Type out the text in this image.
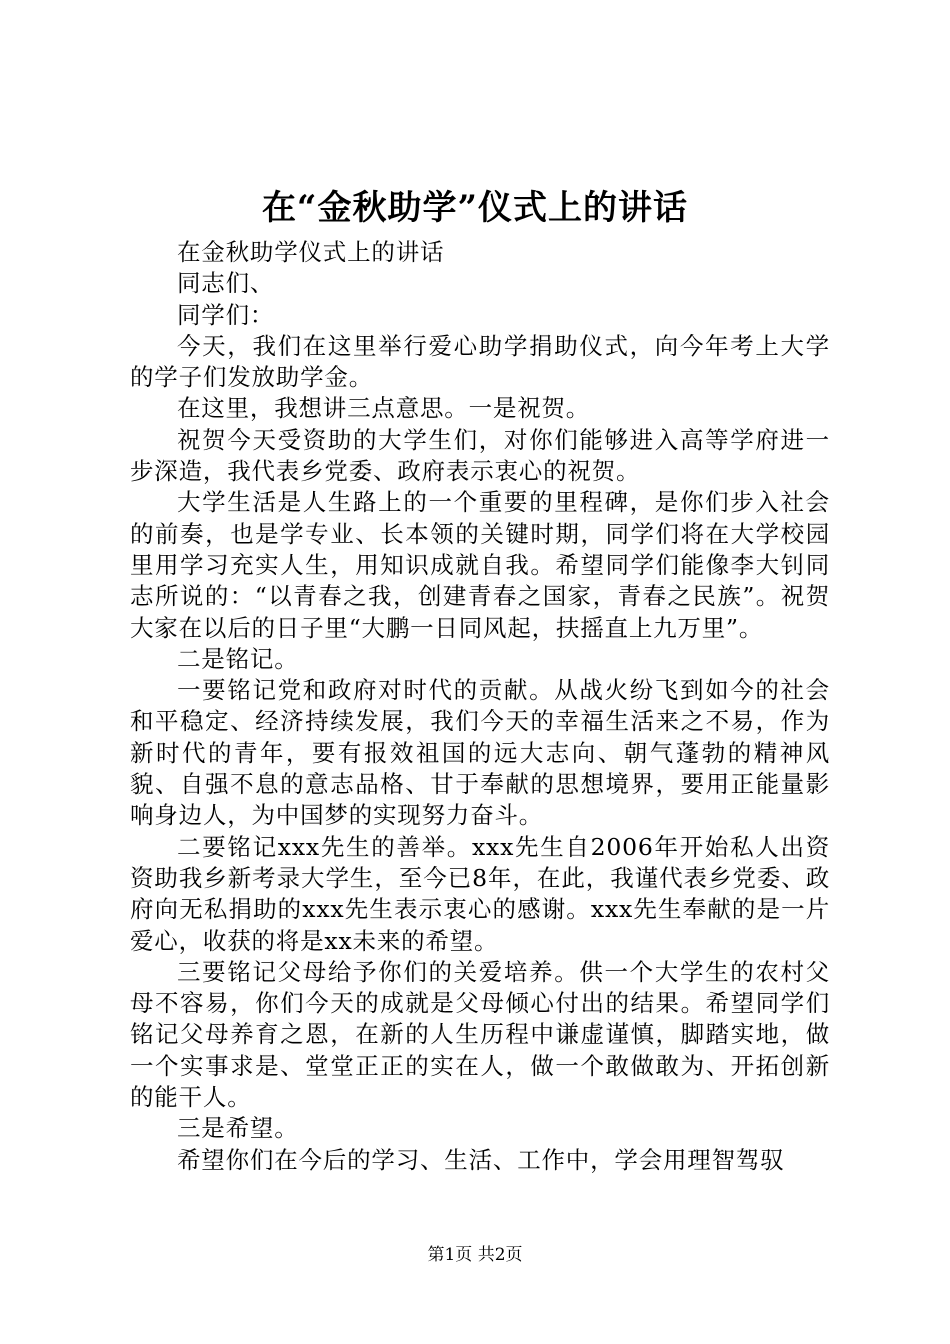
在“金秋助学”仪式上的讲话

在金秋助学仪式上的讲话

同志们、

同学们：

今天，我们在这里举行爱心助学捐助仪式，向今年考上大学的学子们发放助学金。

在这里，我想讲三点意思。一是祝贺。

祝贺今天受资助的大学生们，对你们能够进入高等学府进一步深造，我代表乡党委、政府表示衷心的祝贺。

大学生活是人生路上的一个重要的里程碑，是你们步入社会的前奏，也是学专业、长本领的关键时期，同学们将在大学校园里用学习充实人生，用知识成就自我。希望同学们能像李大钊同志所说的：“以青春之我，创建青春之国家，青春之民族”。祝贺大家在以后的日子里“大鹏一日同风起，扶摇直上九万里”。

二是铭记。

一要铭记党和政府对时代的贡献。从战火纷飞到如今的社会和平稳定、经济持续发展，我们今天的幸福生活来之不易，作为新时代的青年，要有报效祖国的远大志向、朝气蓬勃的精神风貌、自强不息的意志品格、甘于奉献的思想境界，要用正能量影响身边人，为中国梦的实现努力奋斗。

二要铭记xxx先生的善举。xxx先生自2006年开始私人出资资助我乡新考录大学生，至今已8年，在此，我谨代表乡党委、政府向无私捐助的xxx先生表示衷心的感谢。xxx先生奉献的是一片爱心，收获的将是xx未来的希望。

三要铭记父母给予你们的关爱培养。供一个大学生的农村父母不容易，你们今天的成就是父母倾心付出的结果。希望同学们铭记父母养育之恩，在新的人生历程中谦虚谨慎，脚踏实地，做一个实事求是、堂堂正正的实在人，做一个敢做敢为、开拓创新的能干人。

三是希望。

希望你们在今后的学习、生活、工作中，学会用理智驾驭

第1页 共2页
